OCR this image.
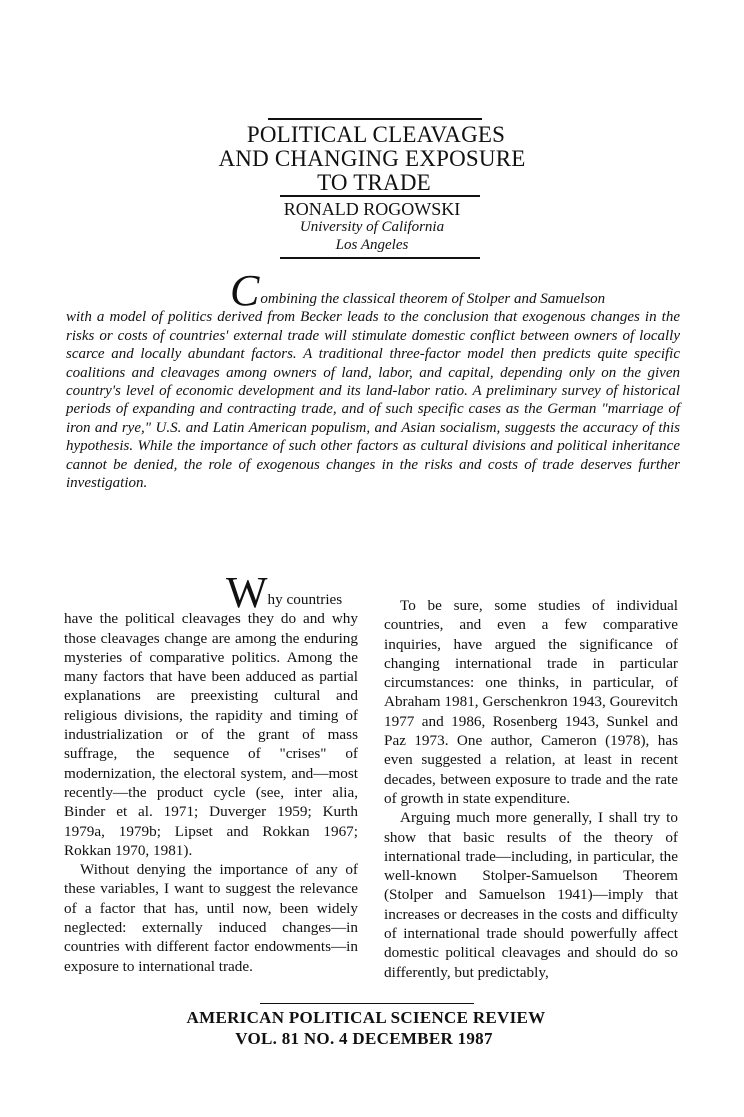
POLITICAL CLEAVAGES
AND CHANGING EXPOSURE
TO TRADE
RONALD ROGOWSKI
University of California
Los Angeles
Combining the classical theorem of Stolper and Samuelson
with a model of politics derived from Becker leads to the conclusion that exogenous changes in the risks or costs of countries' external trade will stimulate domestic conflict between owners of locally scarce and locally abundant factors. A traditional three-factor model then predicts quite specific coalitions and cleavages among owners of land, labor, and capital, depending only on the given country's level of economic development and its land-labor ratio. A preliminary survey of historical periods of expanding and contracting trade, and of such specific cases as the German "marriage of iron and rye," U.S. and Latin American populism, and Asian socialism, suggests the accuracy of this hypothesis. While the importance of such other factors as cultural divisions and political inheritance cannot be denied, the role of exogenous changes in the risks and costs of trade deserves further investigation.
Why countries

have the political cleavages they do and why those cleavages change are among the enduring mysteries of comparative politics. Among the many factors that have been adduced as partial explanations are preexisting cultural and religious divisions, the rapidity and timing of industrialization or of the grant of mass suffrage, the sequence of "crises" of modernization, the electoral system, and—most recently—the product cycle (see, inter alia, Binder et al. 1971; Duverger 1959; Kurth 1979a, 1979b; Lipset and Rokkan 1967; Rokkan 1970, 1981).

Without denying the importance of any of these variables, I want to suggest the relevance of a factor that has, until now, been widely neglected: externally induced changes—in countries with different factor endowments—in exposure to international trade.

To be sure, some studies of individual countries, and even a few comparative inquiries, have argued the significance of changing international trade in particular circumstances: one thinks, in particular, of Abraham 1981, Gerschenkron 1943, Gourevitch 1977 and 1986, Rosenberg 1943, Sunkel and Paz 1973. One author, Cameron (1978), has even suggested a relation, at least in recent decades, between exposure to trade and the rate of growth in state expenditure.

Arguing much more generally, I shall try to show that basic results of the theory of international trade—including, in particular, the well-known Stolper-Samuelson Theorem (Stolper and Samuelson 1941)—imply that increases or decreases in the costs and difficulty of international trade should powerfully affect domestic political cleavages and should do so differently, but predictably,

AMERICAN POLITICAL SCIENCE REVIEW
VOL. 81 NO. 4 DECEMBER 1987
